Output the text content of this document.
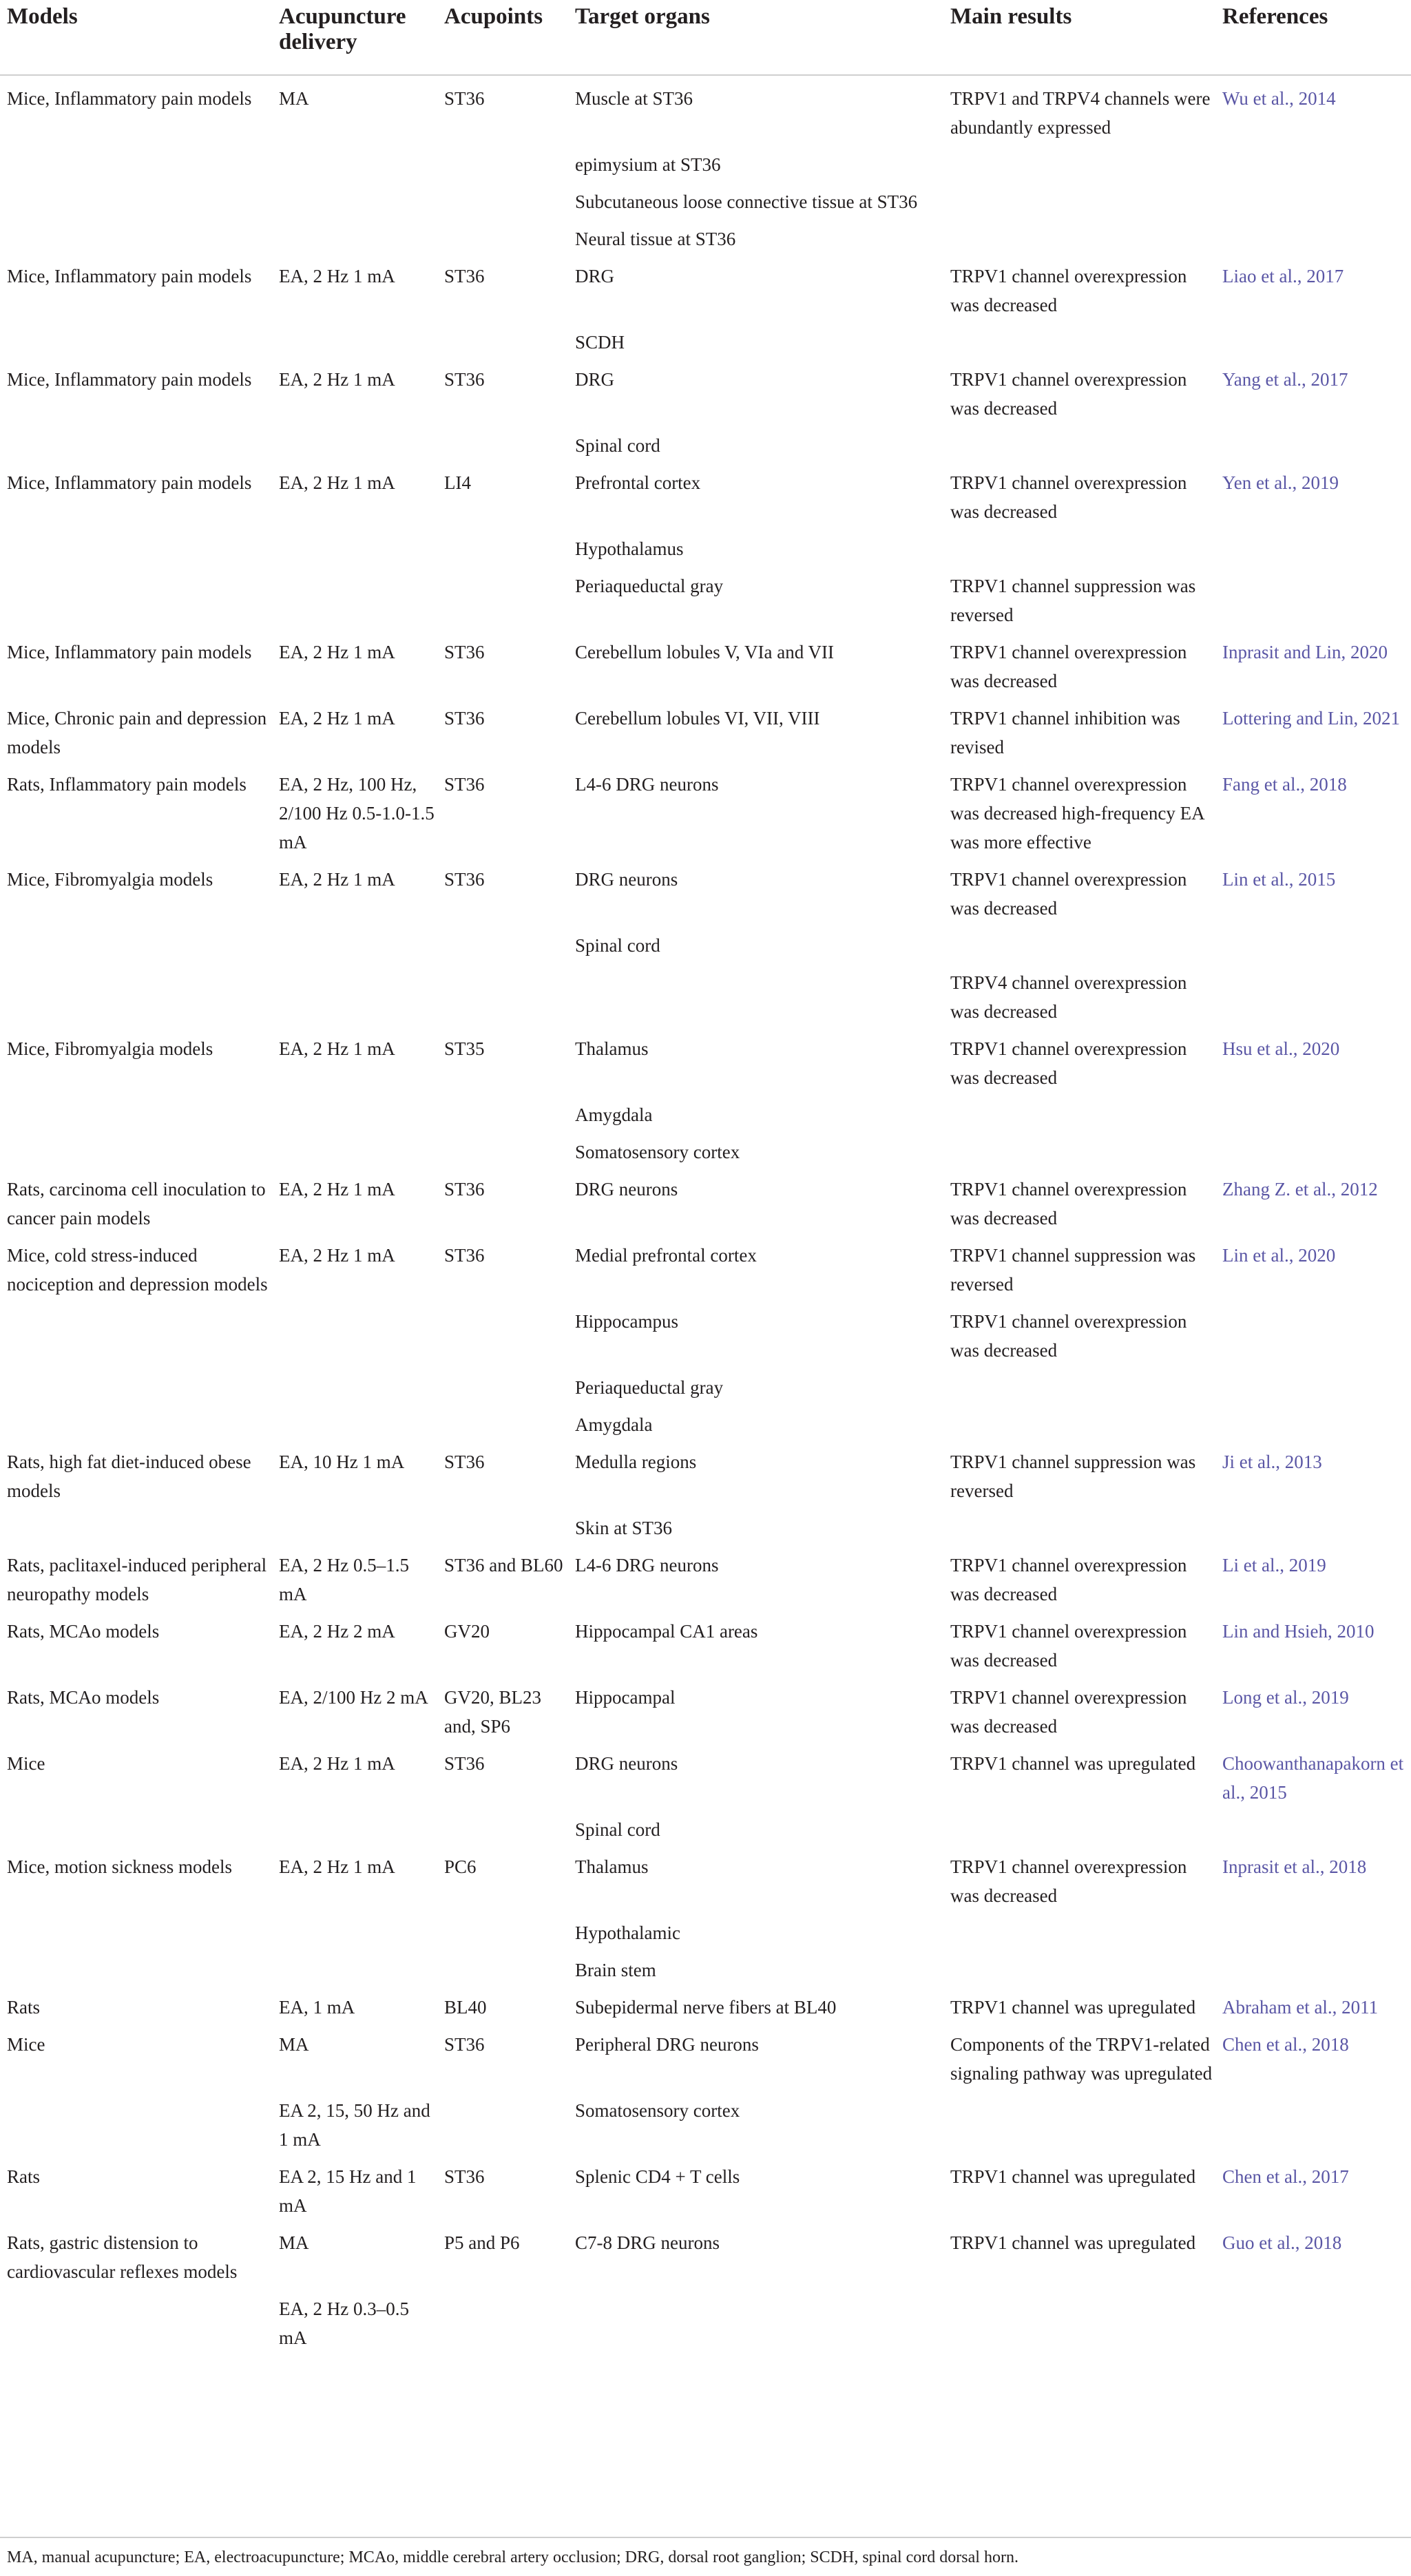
Models	Acupuncture delivery	Acupoints	Target organs	Main results	References
Mice, Inflammatory pain models	MA	ST36	Muscle at ST36	TRPV1 and TRPV4 channels were abundantly expressed	Wu et al., 2014
			epimysium at ST36		
			Subcutaneous loose connective tissue at ST36		
			Neural tissue at ST36		
Mice, Inflammatory pain models	EA, 2 Hz 1 mA	ST36	DRG	TRPV1 channel overexpression was decreased	Liao et al., 2017
			SCDH		
Mice, Inflammatory pain models	EA, 2 Hz 1 mA	ST36	DRG	TRPV1 channel overexpression was decreased	Yang et al., 2017
			Spinal cord		
Mice, Inflammatory pain models	EA, 2 Hz 1 mA	LI4	Prefrontal cortex	TRPV1 channel overexpression was decreased	Yen et al., 2019
			Hypothalamus		
			Periaqueductal gray	TRPV1 channel suppression was reversed	
Mice, Inflammatory pain models	EA, 2 Hz 1 mA	ST36	Cerebellum lobules V, VIa and VII	TRPV1 channel overexpression was decreased	Inprasit and Lin, 2020
Mice, Chronic pain and depression models	EA, 2 Hz 1 mA	ST36	Cerebellum lobules VI, VII, VIII	TRPV1 channel inhibition was revised	Lottering and Lin, 2021
Rats, Inflammatory pain models	EA, 2 Hz, 100 Hz, 2/100 Hz 0.5-1.0-1.5 mA	ST36	L4-6 DRG neurons	TRPV1 channel overexpression was decreased high-frequency EA was more effective	Fang et al., 2018
Mice, Fibromyalgia models	EA, 2 Hz 1 mA	ST36	DRG neurons	TRPV1 channel overexpression was decreased	Lin et al., 2015
			Spinal cord		
				TRPV4 channel overexpression was decreased	
Mice, Fibromyalgia models	EA, 2 Hz 1 mA	ST35	Thalamus	TRPV1 channel overexpression was decreased	Hsu et al., 2020
			Amygdala		
			Somatosensory cortex		
Rats, carcinoma cell inoculation to cancer pain models	EA, 2 Hz 1 mA	ST36	DRG neurons	TRPV1 channel overexpression was decreased	Zhang Z. et al., 2012
Mice, cold stress-induced nociception and depression models	EA, 2 Hz 1 mA	ST36	Medial prefrontal cortex	TRPV1 channel suppression was reversed	Lin et al., 2020
			Hippocampus	TRPV1 channel overexpression was decreased	
			Periaqueductal gray		
			Amygdala		
Rats, high fat diet-induced obese models	EA, 10 Hz 1 mA	ST36	Medulla regions	TRPV1 channel suppression was reversed	Ji et al., 2013
			Skin at ST36		
Rats, paclitaxel-induced peripheral neuropathy models	EA, 2 Hz 0.5–1.5 mA	ST36 and BL60	L4-6 DRG neurons	TRPV1 channel overexpression was decreased	Li et al., 2019
Rats, MCAo models	EA, 2 Hz 2 mA	GV20	Hippocampal CA1 areas	TRPV1 channel overexpression was decreased	Lin and Hsieh, 2010
Rats, MCAo models	EA, 2/100 Hz 2 mA	GV20, BL23 and, SP6	Hippocampal	TRPV1 channel overexpression was decreased	Long et al., 2019
Mice	EA, 2 Hz 1 mA	ST36	DRG neurons	TRPV1 channel was upregulated	Choowanthanapakorn et al., 2015
			Spinal cord		
Mice, motion sickness models	EA, 2 Hz 1 mA	PC6	Thalamus	TRPV1 channel overexpression was decreased	Inprasit et al., 2018
			Hypothalamic		
			Brain stem		
Rats	EA, 1 mA	BL40	Subepidermal nerve fibers at BL40	TRPV1 channel was upregulated	Abraham et al., 2011
Mice	MA	ST36	Peripheral DRG neurons	Components of the TRPV1-related signaling pathway was upregulated	Chen et al., 2018
	EA 2, 15, 50 Hz and 1 mA		Somatosensory cortex		
Rats	EA 2, 15 Hz and 1 mA	ST36	Splenic CD4 + T cells	TRPV1 channel was upregulated	Chen et al., 2017
Rats, gastric distension to cardiovascular reflexes models	MA	P5 and P6	C7-8 DRG neurons	TRPV1 channel was upregulated	Guo et al., 2018
	EA, 2 Hz 0.3–0.5 mA				
MA, manual acupuncture; EA, electroacupuncture; MCAo, middle cerebral artery occlusion; DRG, dorsal root ganglion; SCDH, spinal cord dorsal horn.
